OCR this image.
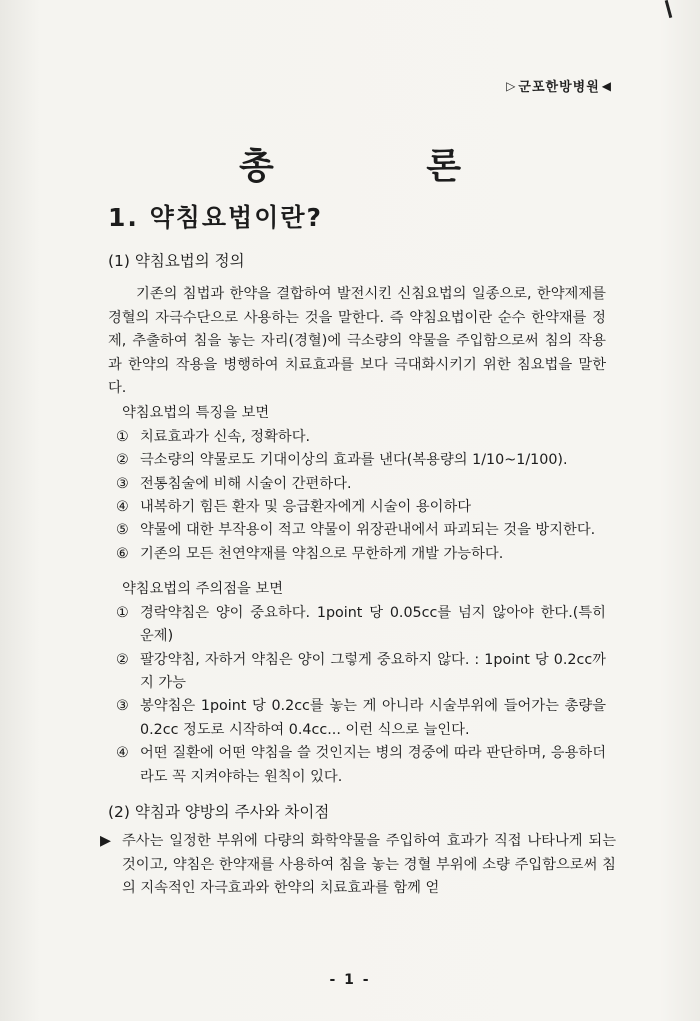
▷ 군포한방병원 ◀
총 론
1. 약침요법이란?
(1) 약침요법의 정의

기존의 침법과 한약을 결합하여 발전시킨 신침요법의 일종으로, 한약제제를 경혈의 자극수단으로 사용하는 것을 말한다. 즉 약침요법이란 순수 한약재를 정제, 추출하여 침을 놓는 자리(경혈)에 극소량의 약물을 주입함으로써 침의 작용과 한약의 작용을 병행하여 치료효과를 보다 극대화시키기 위한 침요법을 말한다.

약침요법의 특징을 보면
① 치료효과가 신속, 정확하다.
② 극소량의 약물로도 기대이상의 효과를 낸다(복용량의 1/10~1/100).
③ 전통침술에 비해 시술이 간편하다.
④ 내복하기 힘든 환자 및 응급환자에게 시술이 용이하다
⑤ 약물에 대한 부작용이 적고 약물이 위장관내에서 파괴되는 것을 방지한다.
⑥ 기존의 모든 천연약재를 약침으로 무한하게 개발 가능하다.
약침요법의 주의점을 보면
① 경락약침은 양이 중요하다. 1point 당 0.05cc를 넘지 않아야 한다.(특히 운제)
② 팔강약침, 자하거 약침은 양이 그렇게 중요하지 않다. : 1point 당 0.2cc까지 가능
③ 봉약침은 1point 당 0.2cc를 놓는 게 아니라 시술부위에 들어가는 총량을 0.2cc 정도로 시작하여 0.4cc... 이런 식으로 늘인다.
④ 어떤 질환에 어떤 약침을 쓸 것인지는 병의 경중에 따라 판단하며, 응용하더라도 꼭 지켜야하는 원칙이 있다.
(2) 약침과 양방의 주사와 차이점

▶ 주사는 일정한 부위에 다량의 화학약물을 주입하여 효과가 직접 나타나게 되는 것이고, 약침은 한약재를 사용하여 침을 놓는 경혈 부위에 소량 주입함으로써 침의 지속적인 자극효과와 한약의 치료효과를 함께 얻

- 1 -
